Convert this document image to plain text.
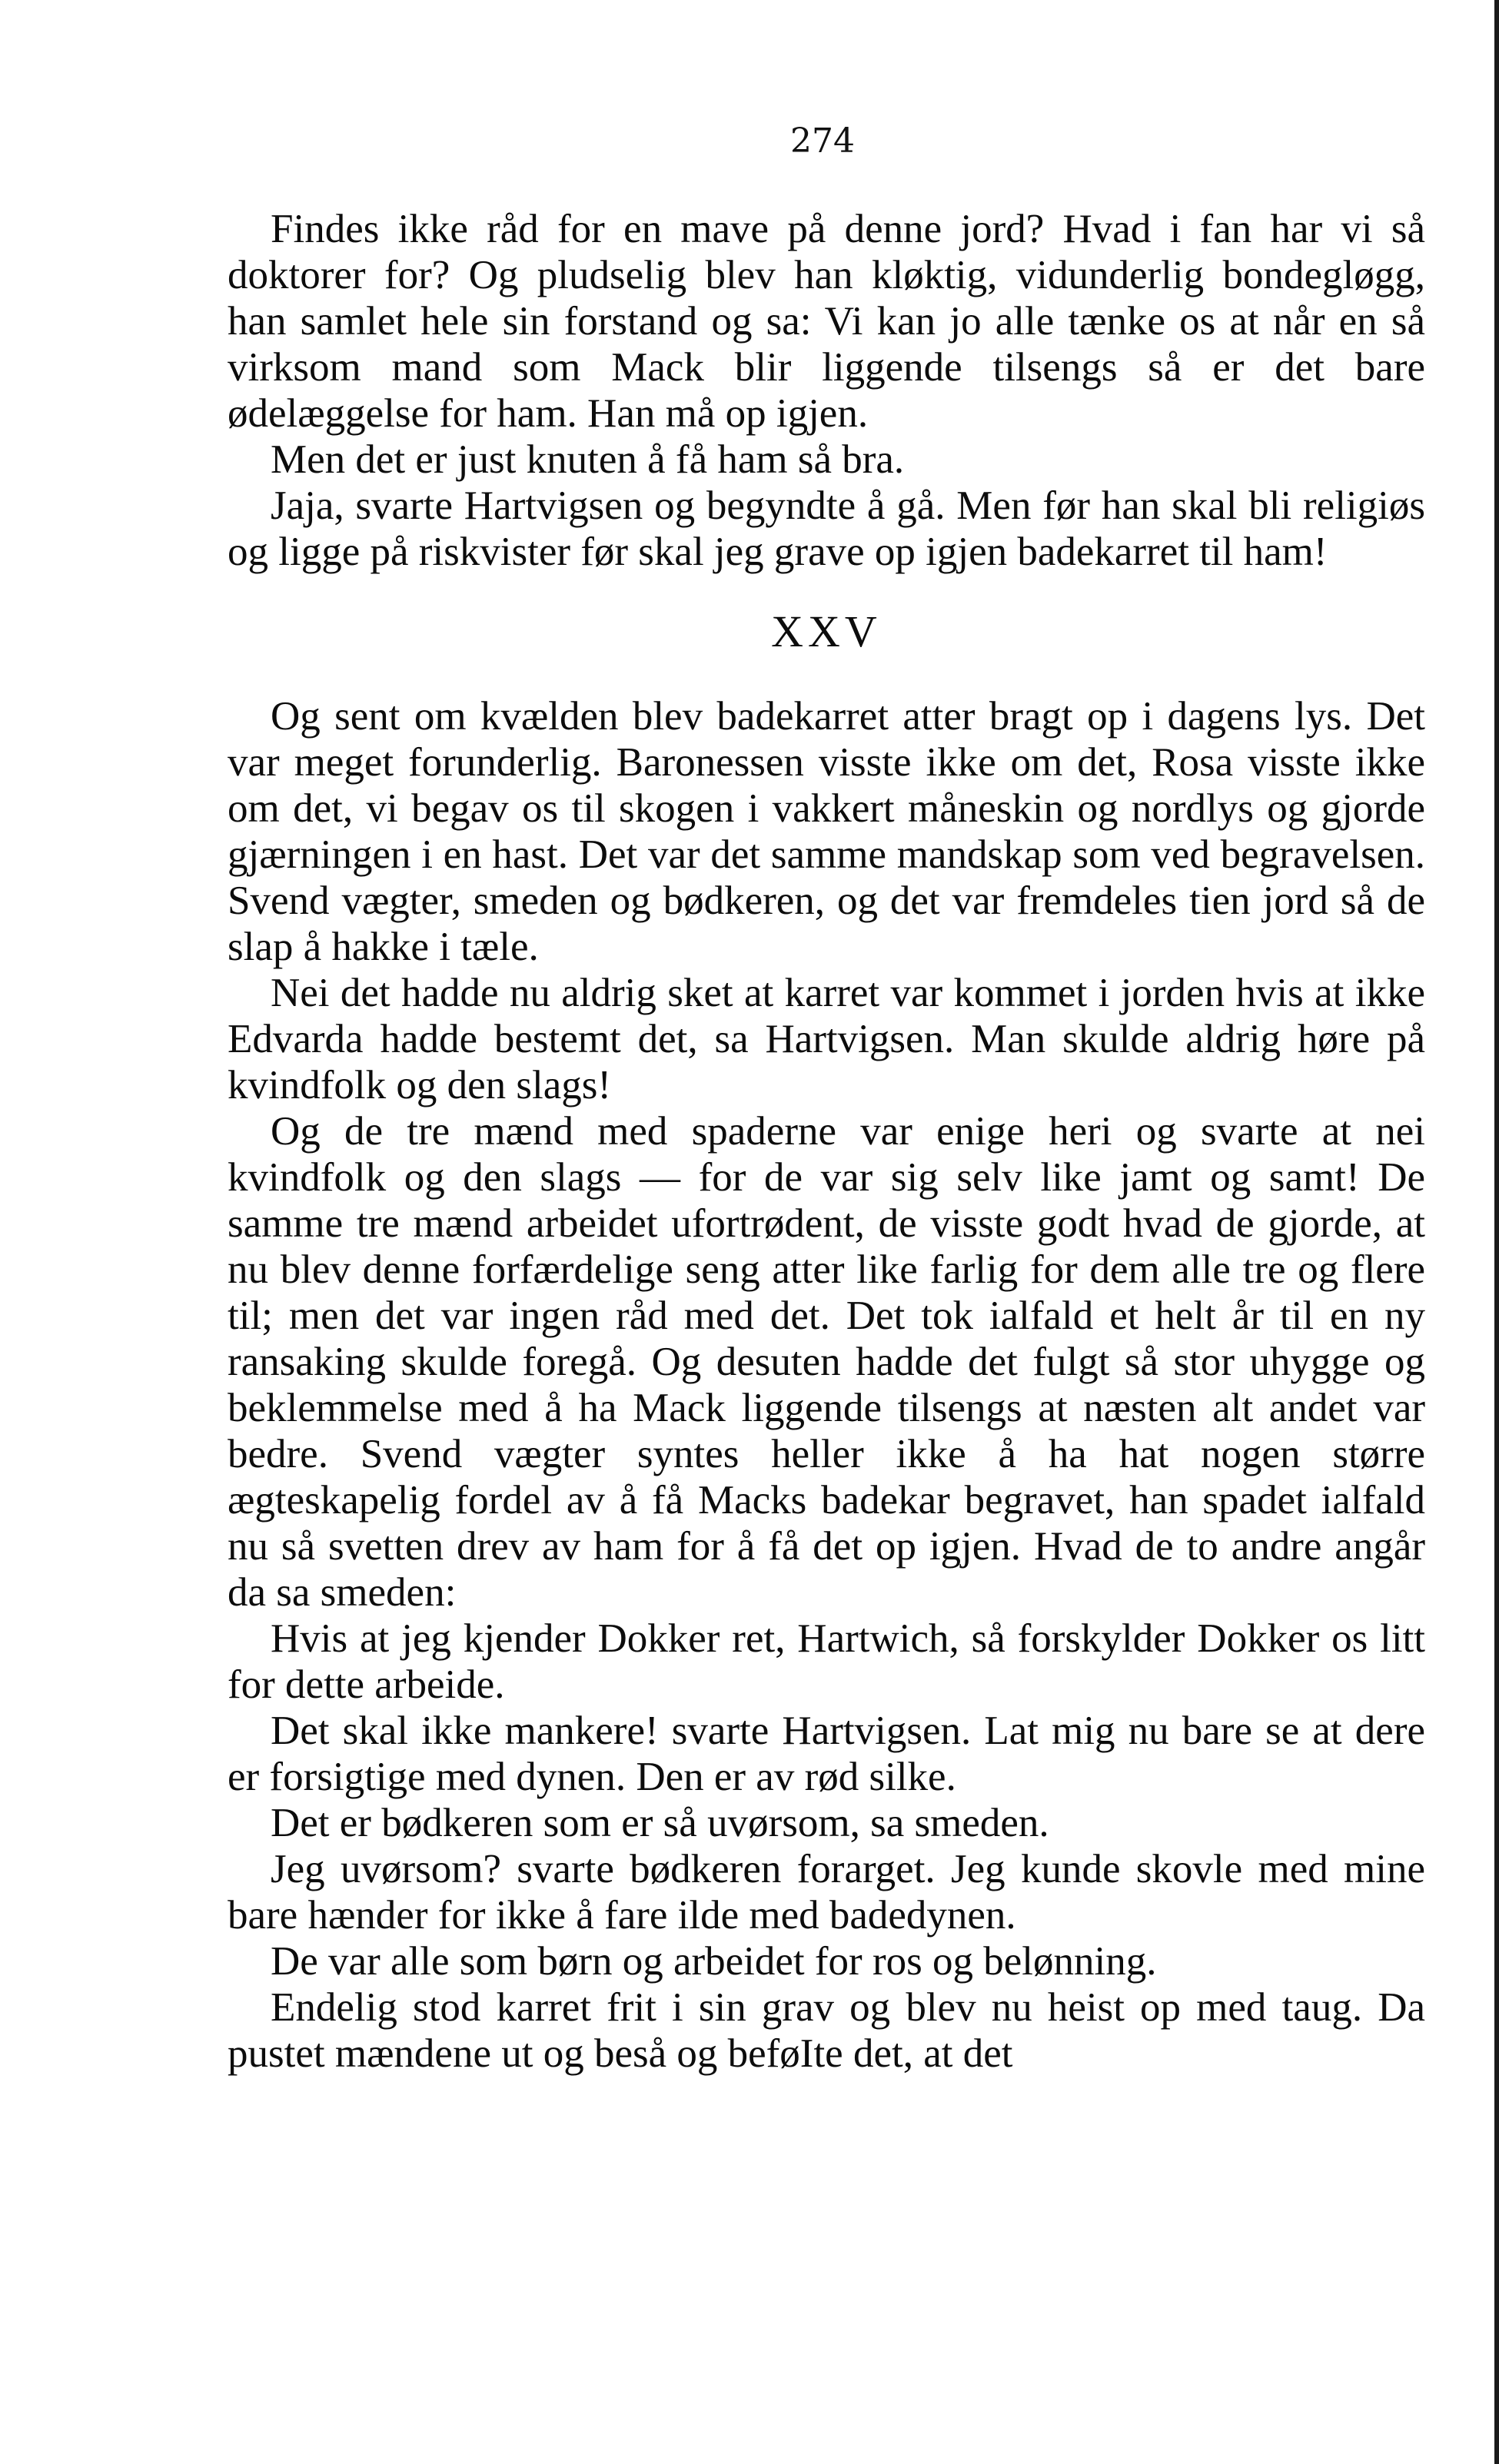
274

Findes ikke råd for en mave på denne jord? Hvad i fan har vi så doktorer for? Og pludselig blev han kløktig, vidunderlig bondegløgg, han samlet hele sin forstand og sa: Vi kan jo alle tænke os at når en så virksom mand som Mack blir liggende tilsengs så er det bare ødelæggelse for ham. Han må op igjen.

Men det er just knuten å få ham så bra.

Jaja, svarte Hartvigsen og begyndte å gå. Men før han skal bli religiøs og ligge på riskvister før skal jeg grave op igjen badekarret til ham!

XXV

Og sent om kvælden blev badekarret atter bragt op i dagens lys. Det var meget forunderlig. Baronessen visste ikke om det, Rosa visste ikke om det, vi begav os til skogen i vakkert måneskin og nordlys og gjorde gjærningen i en hast. Det var det samme mandskap som ved begravelsen. Svend vægter, smeden og bødkeren, og det var fremdeles tien jord så de slap å hakke i tæle.

Nei det hadde nu aldrig sket at karret var kommet i jorden hvis at ikke Edvarda hadde bestemt det, sa Hartvigsen. Man skulde aldrig høre på kvindfolk og den slags!

Og de tre mænd med spaderne var enige heri og svarte at nei kvindfolk og den slags — for de var sig selv like jamt og samt! De samme tre mænd arbeidet ufortrødent, de visste godt hvad de gjorde, at nu blev denne forfærdelige seng atter like farlig for dem alle tre og flere til; men det var ingen råd med det. Det tok ialfald et helt år til en ny ransaking skulde foregå. Og desuten hadde det fulgt så stor uhygge og beklemmelse med å ha Mack liggende tilsengs at næsten alt andet var bedre. Svend vægter syntes heller ikke å ha hat nogen større ægteskapelig fordel av å få Macks badekar begravet, han spadet ialfald nu så svetten drev av ham for å få det op igjen. Hvad de to andre angår da sa smeden:

Hvis at jeg kjender Dokker ret, Hartwich, så forskylder Dokker os litt for dette arbeide.

Det skal ikke mankere! svarte Hartvigsen. Lat mig nu bare se at dere er forsigtige med dynen. Den er av rød silke.

Det er bødkeren som er så uvørsom, sa smeden.

Jeg uvørsom? svarte bødkeren forarget. Jeg kunde skovle med mine bare hænder for ikke å fare ilde med badedynen.

De var alle som børn og arbeidet for ros og belønning.

Endelig stod karret frit i sin grav og blev nu heist op med taug. Da pustet mændene ut og beså og beføIte det, at det
